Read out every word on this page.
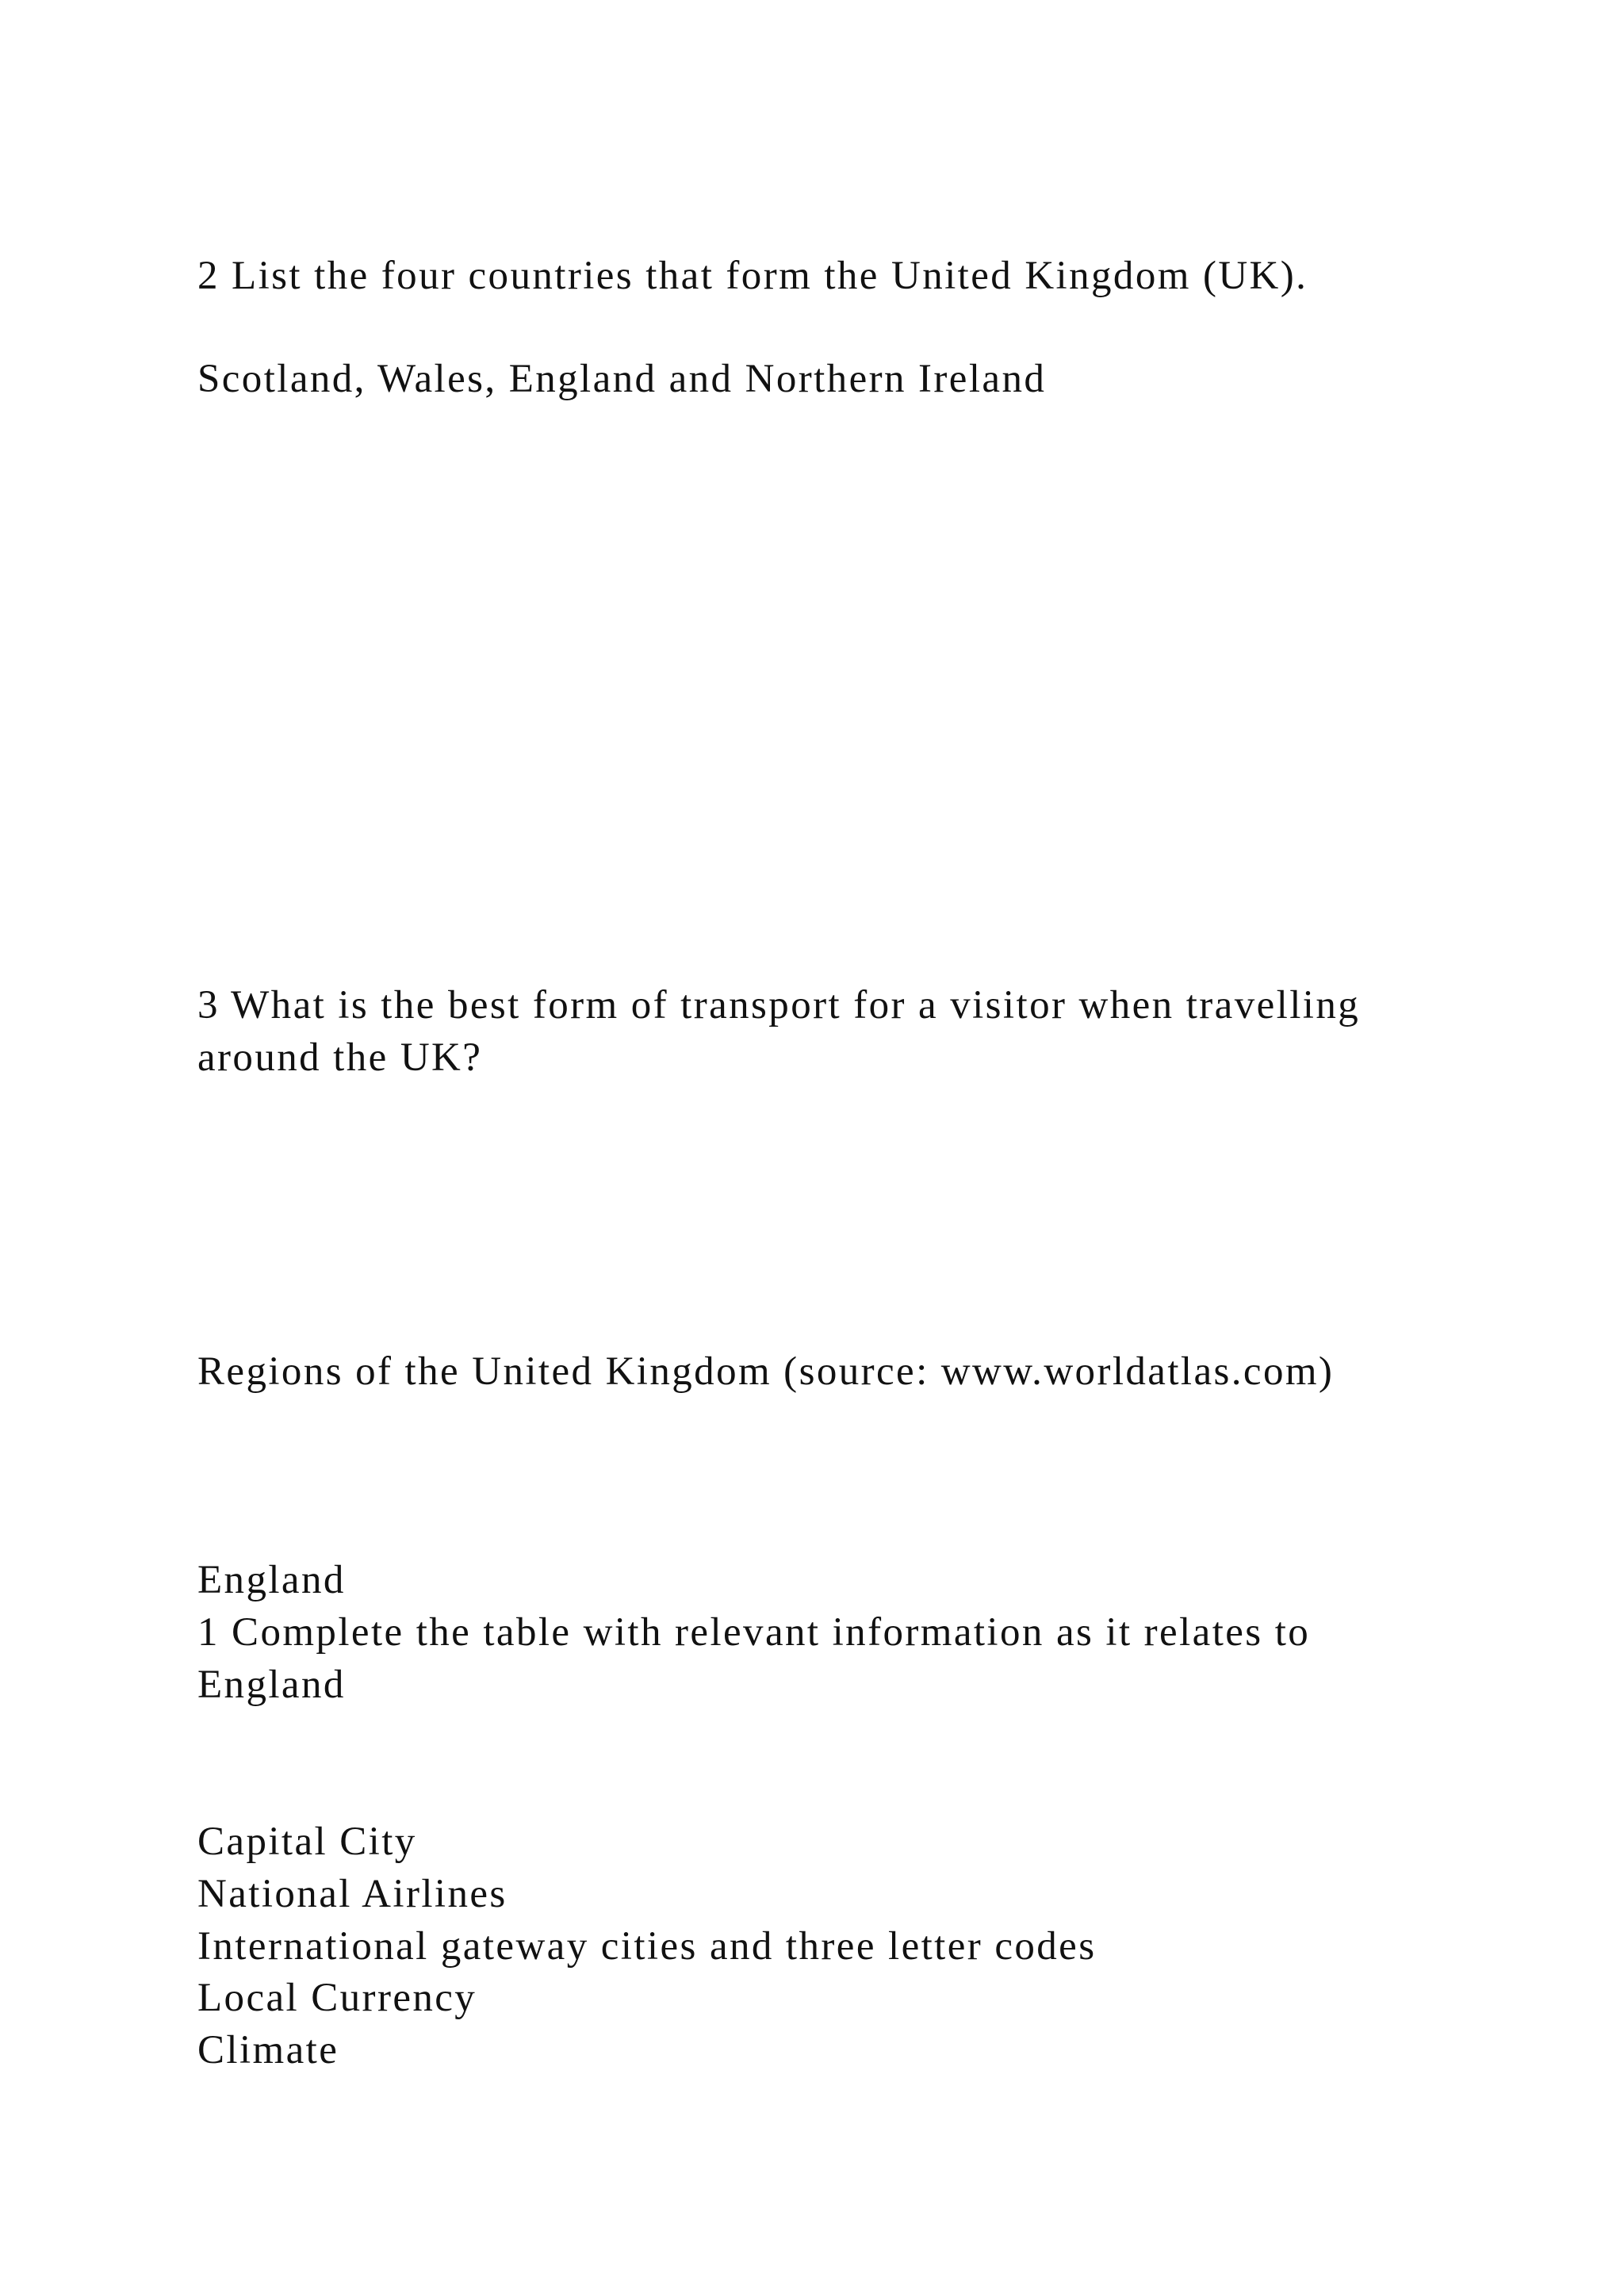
2 List the four countries that form the United Kingdom (UK).

Scotland, Wales, England and Northern Ireland

3 What is the best form of transport for a visitor when travelling

around the UK?

Regions of the United Kingdom (source: www.worldatlas.com)

England

1 Complete the table with relevant information as it relates to

England

Capital City

National Airlines

International gateway cities and three letter codes

Local Currency

Climate
